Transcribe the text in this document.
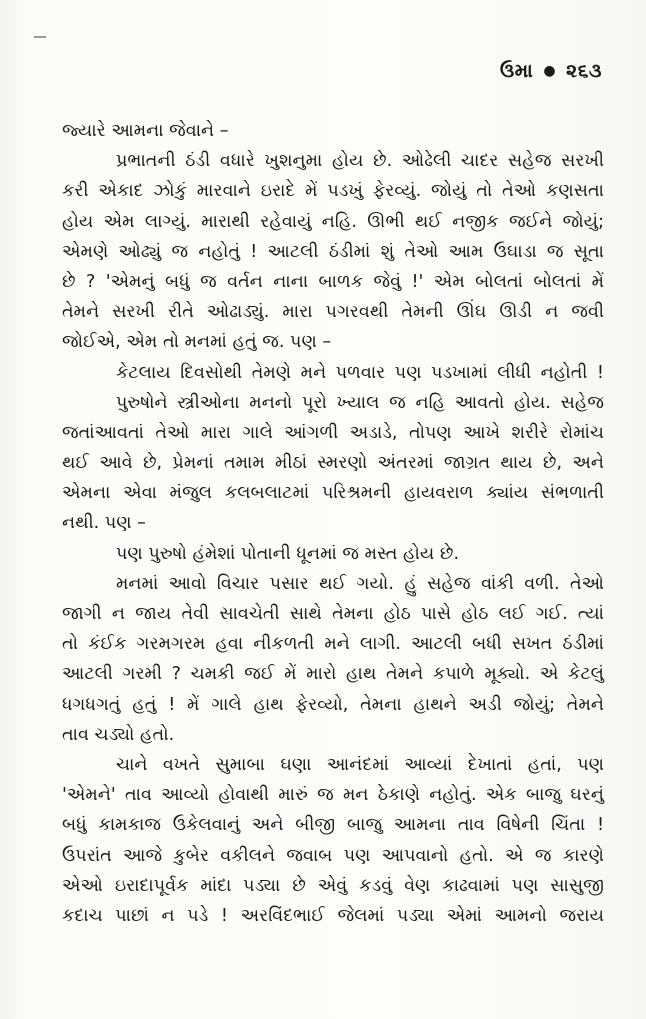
ઉમા ● ૨૬૩
જ્યારે આમના જેવાને –
પ્રભાતની ઠંડી વધારે ખુશનુમા હોય છે. ઓઢેલી ચાદર સહેજ સરખી
કરી એકાદ ઝોકું મારવાને ઇરાદે મેં પડખું ફેરવ્યું. જોયું તો તેઓ કણસતા
હોય એમ લાગ્યું. મારાથી રહેવાયું નહિ. ઊભી થઈ નજીક જઈને જોયું;
એમણે ઓઢ્યું જ નહોતું ! આટલી ઠંડીમાં શું તેઓ આમ ઉઘાડા જ સૂતા
છે ? 'એમનું બધું જ વર્તન નાના બાળક જેવું !' એમ બોલતાં બોલતાં મેં
તેમને સરખી રીતે ઓઢાડ્યું. મારા પગરવથી તેમની ઊંઘ ઊડી ન જવી
જોઈએ, એમ તો મનમાં હતું જ. પણ –
કેટલાય દિવસોથી તેમણે મને પળવાર પણ પડખામાં લીધી નહોતી !
પુરુષોને સ્ત્રીઓના મનનો પૂરો ખ્યાલ જ નહિ આવતો હોય. સહેજ
જતાંઆવતાં તેઓ મારા ગાલે આંગળી અડાડે, તોપણ આખે શરીરે રોમાંચ
થઈ આવે છે, પ્રેમનાં તમામ મીઠાં સ્મરણો અંતરમાં જાગ્રત થાય છે, અને
એમના એવા મંજુલ કલબલાટમાં પરિશ્રમની હાયવરાળ ક્યાંય સંભળાતી
નથી. પણ –
પણ પુરુષો હંમેશાં પોતાની ધૂનમાં જ મસ્ત હોય છે.
મનમાં આવો વિચાર પસાર થઈ ગયો. હું સહેજ વાંકી વળી. તેઓ
જાગી ન જાય તેવી સાવચેતી સાથે તેમના હોઠ પાસે હોઠ લઈ ગઈ. ત્યાં
તો કંઈક ગરમગરમ હવા નીકળતી મને લાગી. આટલી બધી સખત ઠંડીમાં
આટલી ગરમી ? ચમકી જઈ મેં મારો હાથ તેમને કપાળે મૂક્યો. એ કેટલું
ધગધગતું હતું ! મેં ગાલે હાથ ફેરવ્યો, તેમના હાથને અડી જોયું; તેમને
તાવ ચડ્યો હતો.
ચાને વખતે સુમાબા ઘણા આનંદમાં આવ્યાં દેખાતાં હતાં, પણ
'એમને' તાવ આવ્યો હોવાથી મારું જ મન ઠેકાણે નહોતું. એક બાજુ ઘરનું
બધું કામકાજ ઉકેલવાનું અને બીજી બાજુ આમના તાવ વિષેની ચિંતા !
ઉપરાંત આજે કુબેર વકીલને જવાબ પણ આપવાનો હતો. એ જ કારણે
એઓ ઇરાદાપૂર્વક માંદા પડ્યા છે એવું કડવું વેણ કાઢવામાં પણ સાસુજી
કદાચ પાછાં ન પડે ! અરવિંદભાઈ જેલમાં પડ્યા એમાં આમનો જરાય
